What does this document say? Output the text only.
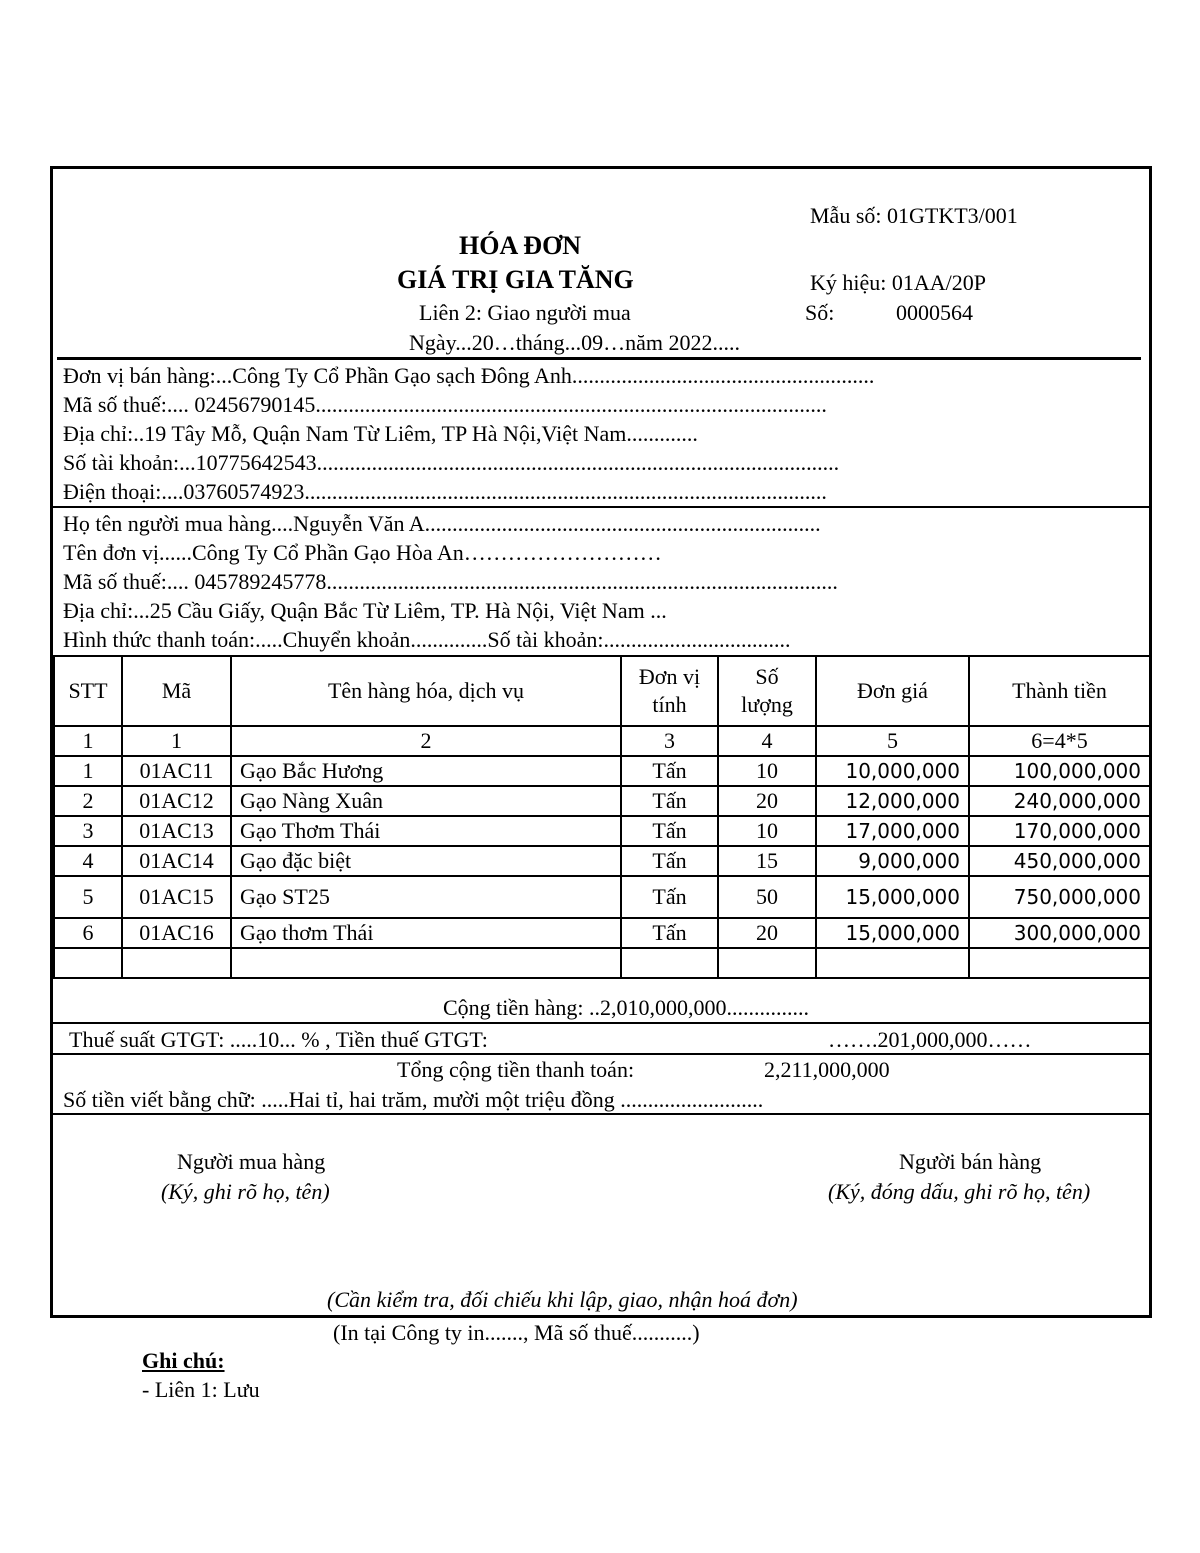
Mẫu số: 01GTKT3/001
HÓA ĐƠN
GIÁ TRỊ GIA TĂNG	Ký hiệu: 01AA/20P
Liên 2: Giao người mua	Số:	0000564
Ngày...20…tháng...09…năm 2022.....
Đơn vị bán hàng:...Công Ty Cổ Phần Gạo sạch Đông Anh.......................................................
Mã số thuế:.... 02456790145.............................................................................................
Địa chỉ:..19 Tây Mỗ, Quận Nam Từ Liêm, TP Hà Nội,Việt Nam.............
Số tài khoản:...10775642543...............................................................................................
Điện thoại:....03760574923...............................................................................................
Họ tên người mua hàng....Nguyễn Văn A........................................................................
Tên đơn vị......Công Ty Cổ Phần Gạo Hòa An………………………
Mã số thuế:.... 045789245778.............................................................................................
Địa chỉ:...25 Cầu Giấy, Quận Bắc Từ Liêm, TP. Hà Nội, Việt Nam ...
Hình thức thanh toán:.....Chuyển khoản..............Số tài khoản:..................................
STT	Mã	Tên hàng hóa, dịch vụ	Đơn vị tính	Số lượng	Đơn giá	Thành tiền
1	1	2	3	4	5	6=4*5
1	01AC11	Gạo Bắc Hương	Tấn	10	10,000,000	100,000,000
2	01AC12	Gạo Nàng Xuân	Tấn	20	12,000,000	240,000,000
3	01AC13	Gạo Thơm Thái	Tấn	10	17,000,000	170,000,000
4	01AC14	Gạo đặc biệt	Tấn	15	9,000,000	450,000,000
5	01AC15	Gạo ST25	Tấn	50	15,000,000	750,000,000
6	01AC16	Gạo thơm Thái	Tấn	20	15,000,000	300,000,000

Cộng tiền hàng: ..2,010,000,000...............
Thuế suất GTGT: .....10... % , Tiền thuế GTGT:	…….201,000,000……
Tổng cộng tiền thanh toán:	2,211,000,000
Số tiền viết bằng chữ: .....Hai tỉ, hai trăm, mười một triệu đồng ..........................
Người mua hàng
(Ký, ghi rõ họ, tên)
Người bán hàng
(Ký, đóng dấu, ghi rõ họ, tên)
(Cần kiểm tra, đối chiếu khi lập, giao, nhận hoá đơn)
(In tại Công ty in......., Mã số thuế...........)
Ghi chú:
- Liên 1: Lưu
